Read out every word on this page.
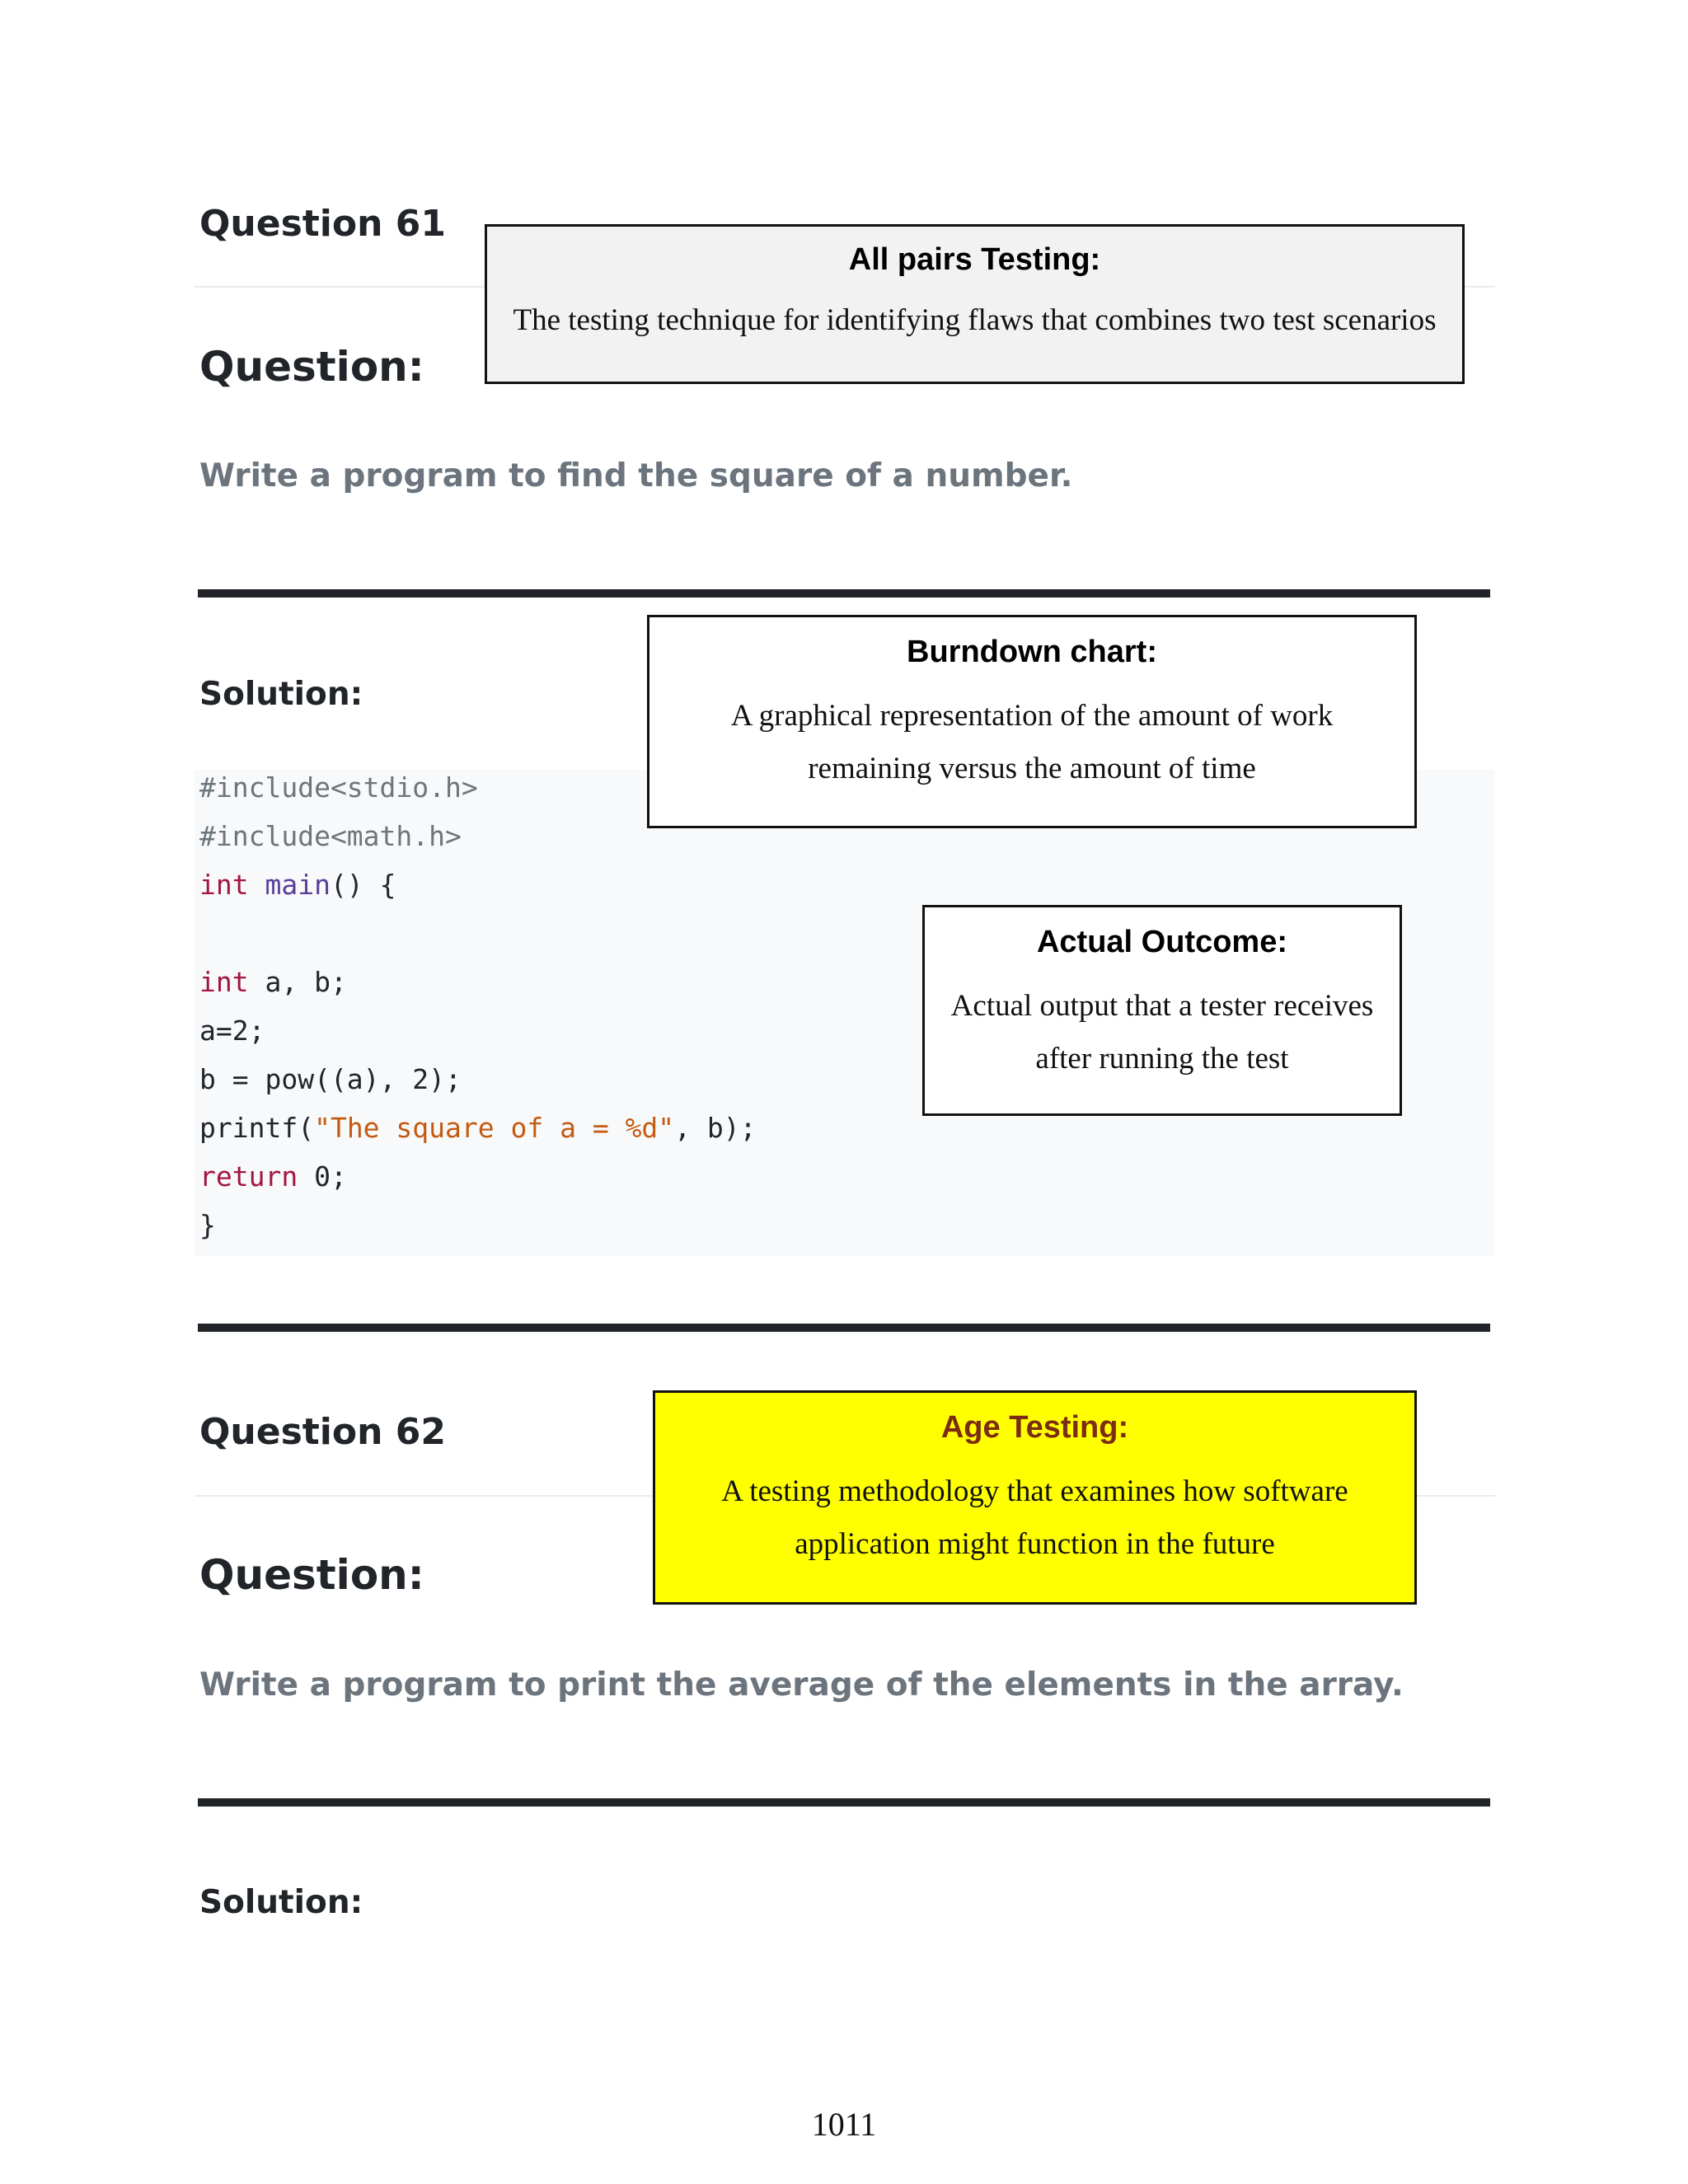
Question 61
Question:
Write a program to find the square of a number.
Solution:
#include<stdio.h>
#include<math.h>
int main() {
int a, b;
a=2;
b = pow((a), 2);
printf("The square of a = %d", b);
return 0;
}
Question 62
Question:
Write a program to print the average of the elements in the array.
Solution:
All pairs Testing:
The testing technique for identifying flaws that combines two test scenarios
Burndown chart:
A graphical representation of the amount of work
remaining versus the amount of time
Actual Outcome:
Actual output that a tester receives
after running the test
Age Testing:
A testing methodology that examines how software
application might function in the future
1011
